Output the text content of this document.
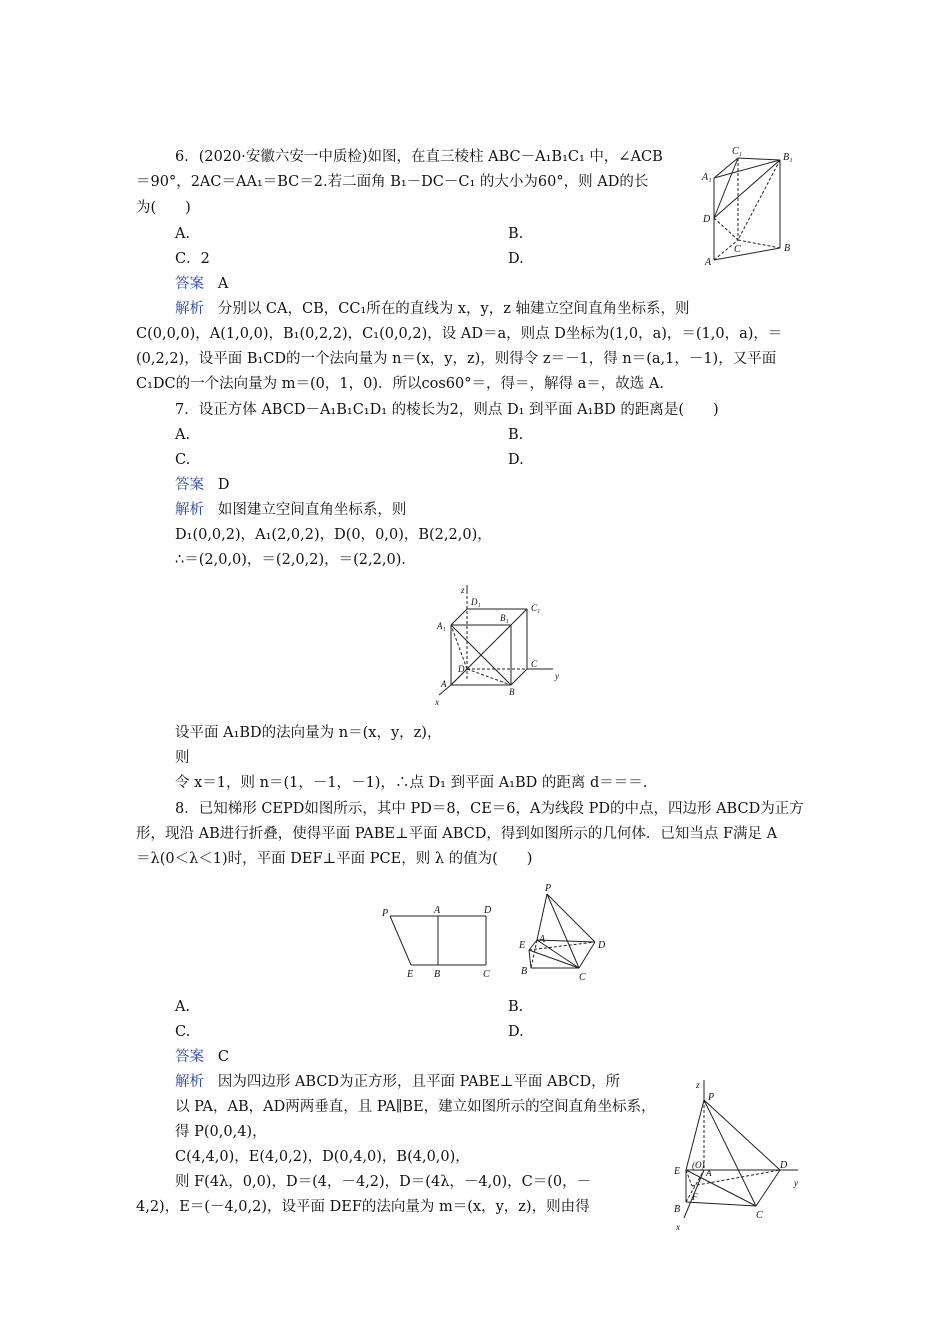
6．(2020·安徽六安一中质检)如图，在直三棱柱 ABC－A₁B₁C₁ 中，∠ACB
＝90°，2AC＝AA₁＝BC＝2.若二面角 B₁－DC－C₁ 的大小为60°，则 AD的长
为(　　)
A.	B.
C．2	D.
答案 A
解析 分别以 CA，CB，CC₁所在的直线为 x，y，z 轴建立空间直角坐标系，则
C(0,0,0)，A(1,0,0)，B₁(0,2,2)，C₁(0,0,2)，设 AD＝a，则点 D坐标为(1,0，a)，＝(1,0，a)，＝
(0,2,2)，设平面 B₁CD的一个法向量为 n＝(x，y，z)，则得令 z＝－1，得 n＝(a,1，－1)，又平面
C₁DC的一个法向量为 m＝(0，1，0)．所以cos60°＝，得＝，解得 a＝，故选 A.
C₁
B₁
A₁
D
C	B
A
7．设正方体 ABCD－A₁B₁C₁D₁ 的棱长为2，则点 D₁ 到平面 A₁BD 的距离是(　　)
A.	B.
C.	D.
答案 D
解析 如图建立空间直角坐标系，则
D₁(0,0,2)，A₁(2,0,2)，D(0，0,0)，B(2,2,0)，
∴＝(2,0,0)，＝(2,0,2)，＝(2,2,0)．
z
D₁
B₁
C₁
A₁
D	C
A
B
y
x
设平面 A₁BD的法向量为 n＝(x，y，z)，
则
令 x＝1，则 n＝(1，－1，－1)，∴点 D₁ 到平面 A₁BD 的距离 d＝＝＝.
8．已知梯形 CEPD如图所示，其中 PD＝8，CE＝6，A为线段 PD的中点，四边形 ABCD为正方
形，现沿 AB进行折叠，使得平面 PABE⊥平面 ABCD，得到如图所示的几何体．已知当点 F满足 A
＝λ(0＜λ＜1)时，平面 DEF⊥平面 PCE，则 λ 的值为(　　)
P	A	D
E B	C
P
E
A
D
B
C
A.	B.
C.	D.
答案 C
解析 因为四边形 ABCD为正方形，且平面 PABE⊥平面 ABCD，所
以 PA，AB，AD两两垂直，且 PA∥BE，建立如图所示的空间直角坐标系，
得 P(0,0,4)，
C(4,4,0)，E(4,0,2)，D(0,4,0)，B(4,0,0)，
则 F(4λ，0,0)，D＝(4，－4,2)，D＝(4λ，－4,0)，C＝(0，－
4,2)，E＝(－4,0,2)，设平面 DEF的法向量为 m＝(x，y，z)，则由得
z
P
E
(O)
A
D
y
F
B
C
x
